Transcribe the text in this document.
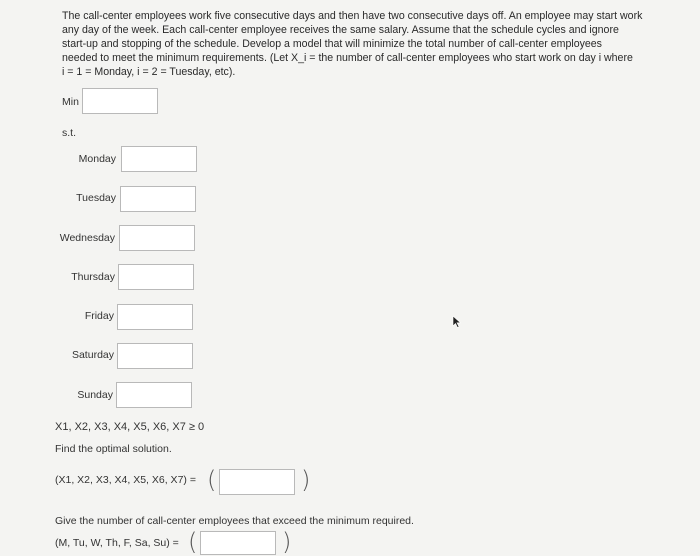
The call-center employees work five consecutive days and then have two consecutive days off. An employee may start work

any day of the week. Each call-center employee receives the same salary. Assume that the schedule cycles and ignore

start-up and stopping of the schedule. Develop a model that will minimize the total number of call-center employees

needed to meet the minimum requirements. (Let X_i = the number of call-center employees who start work on day i where

i = 1 = Monday, i = 2 = Tuesday, etc).

Min
s.t.
Monday
Tuesday
Wednesday
Thursday
Friday
Saturday
Sunday
X1, X2, X3, X4, X5, X6, X7 ≥ 0
Find the optimal solution.
(X1, X2, X3, X4, X5, X6, X7) = (	)
Give the number of call-center employees that exceed the minimum required.
(M, Tu, W, Th, F, Sa, Su) = (	)
